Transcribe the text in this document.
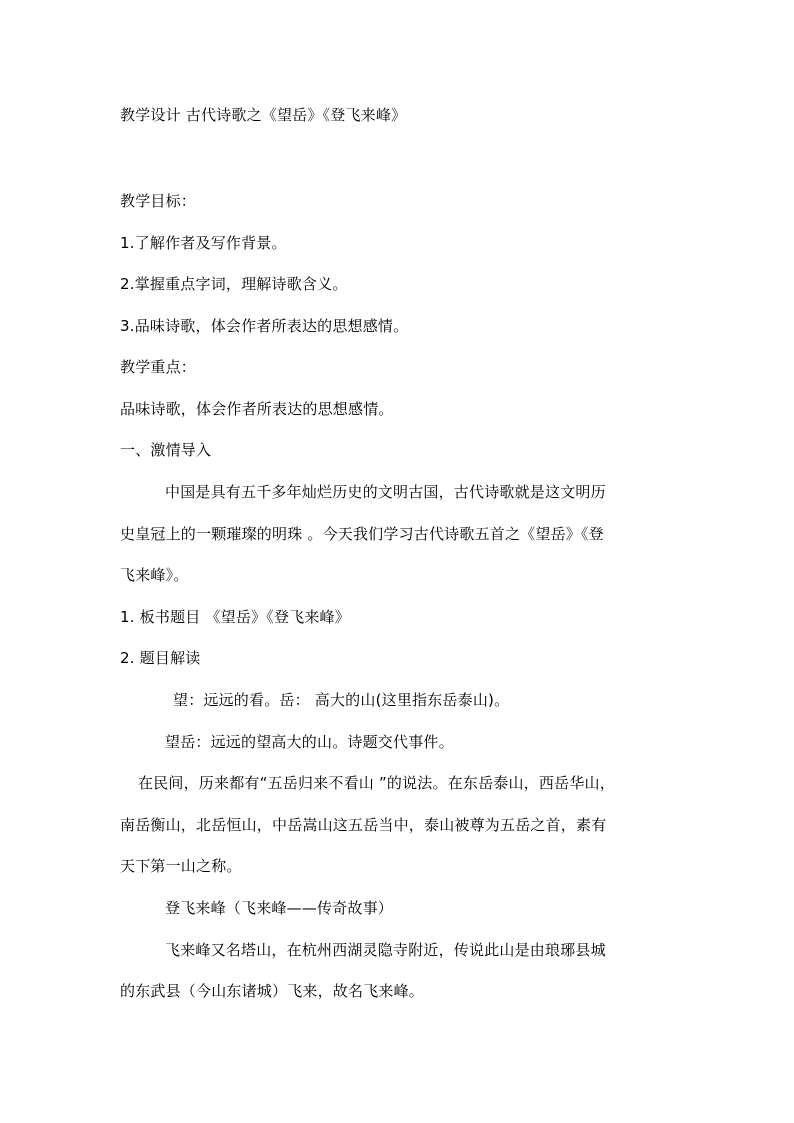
教学设计 古代诗歌之《望岳》《登飞来峰》
教学目标：
1.了解作者及写作背景。
2.掌握重点字词，理解诗歌含义。
3.品味诗歌，体会作者所表达的思想感情。
教学重点：
品味诗歌，体会作者所表达的思想感情。
一、激情导入
中国是具有五千多年灿烂历史的文明古国，古代诗歌就是这文明历
史皇冠上的一颗璀璨的明珠 。今天我们学习古代诗歌五首之《望岳》《登
飞来峰》。
1. 板书题目 《望岳》《登飞来峰》
2. 题目解读
望：远远的看。岳： 高大的山(这里指东岳泰山)。
望岳：远远的望高大的山。诗题交代事件。
在民间，历来都有“五岳归来不看山 ”的说法。在东岳泰山，西岳华山，
南岳衡山，北岳恒山，中岳嵩山这五岳当中，泰山被尊为五岳之首，素有
天下第一山之称。
登飞来峰（飞来峰——传奇故事）
飞来峰又名塔山，在杭州西湖灵隐寺附近，传说此山是由琅琊县城
的东武县（今山东诸城）飞来，故名飞来峰。
